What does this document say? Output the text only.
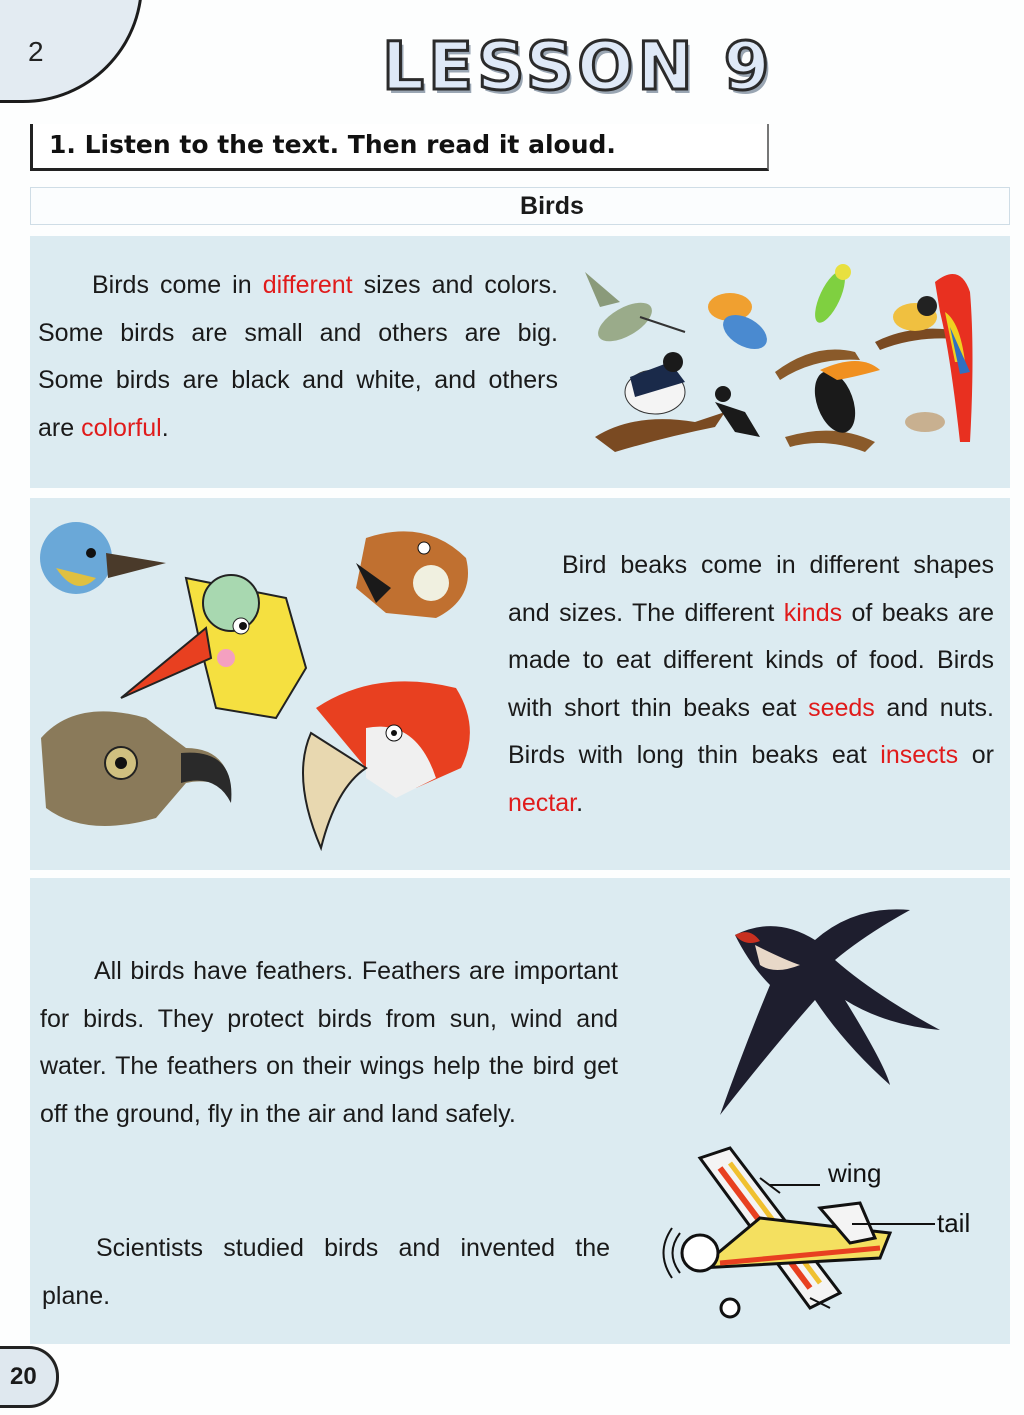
2	LESSON 9
1. Listen to the text. Then read it aloud.
Birds
Birds come in different sizes and colors. Some birds are small and others are big. Some birds are black and white, and others are colorful.
Bird beaks come in different shapes and sizes. The different kinds of beaks are made to eat different kinds of food. Birds with short thin beaks eat seeds and nuts. Birds with long thin beaks eat insects or nectar.
All birds have feathers. Feathers are important for birds. They protect birds from sun, wind and water. The feathers on their wings help the bird get off the ground, fly in the air and land safely.
Scientists studied birds and invented the plane.
wing
tail
20
